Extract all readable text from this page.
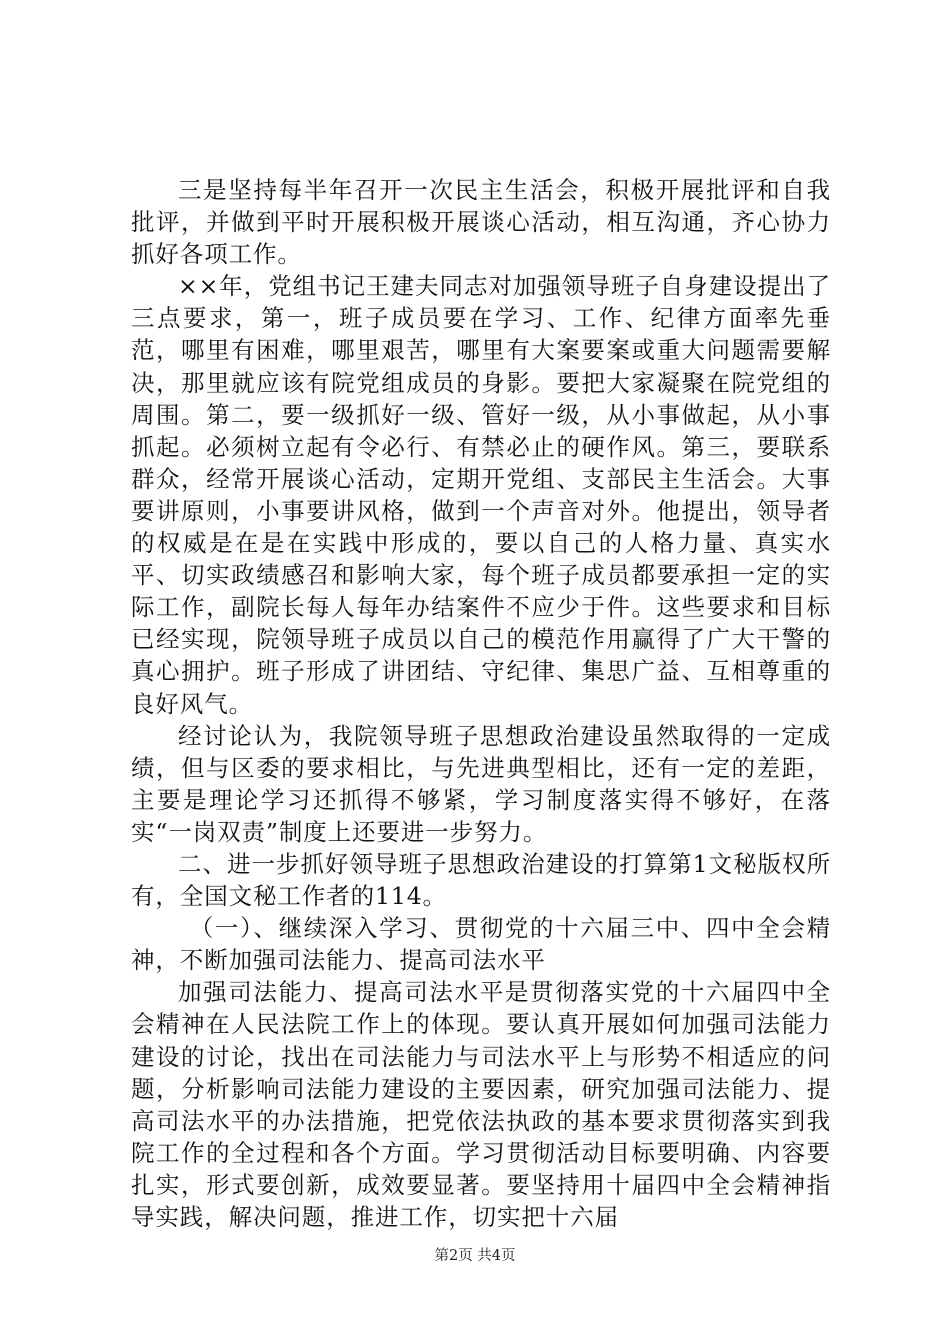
三是坚持每半年召开一次民主生活会，积极开展批评和自我批评，并做到平时开展积极开展谈心活动，相互沟通，齐心协力抓好各项工作。

××年，党组书记王建夫同志对加强领导班子自身建设提出了三点要求，第一，班子成员要在学习、工作、纪律方面率先垂范，哪里有困难，哪里艰苦，哪里有大案要案或重大问题需要解决，那里就应该有院党组成员的身影。要把大家凝聚在院党组的周围。第二，要一级抓好一级、管好一级，从小事做起，从小事抓起。必须树立起有令必行、有禁必止的硬作风。第三，要联系群众，经常开展谈心活动，定期开党组、支部民主生活会。大事要讲原则，小事要讲风格，做到一个声音对外。他提出，领导者的权威是在是在实践中形成的，要以自己的人格力量、真实水平、切实政绩感召和影响大家，每个班子成员都要承担一定的实际工作，副院长每人每年办结案件不应少于件。这些要求和目标已经实现，院领导班子成员以自己的模范作用赢得了广大干警的真心拥护。班子形成了讲团结、守纪律、集思广益、互相尊重的良好风气。

经讨论认为，我院领导班子思想政治建设虽然取得的一定成绩，但与区委的要求相比，与先进典型相比，还有一定的差距，主要是理论学习还抓得不够紧，学习制度落实得不够好，在落实“一岗双责”制度上还要进一步努力。

二、进一步抓好领导班子思想政治建设的打算第1文秘版权所有，全国文秘工作者的114。

（一）、继续深入学习、贯彻党的十六届三中、四中全会精神，不断加强司法能力、提高司法水平

加强司法能力、提高司法水平是贯彻落实党的十六届四中全会精神在人民法院工作上的体现。要认真开展如何加强司法能力建设的讨论，找出在司法能力与司法水平上与形势不相适应的问题，分析影响司法能力建设的主要因素，研究加强司法能力、提高司法水平的办法措施，把党依法执政的基本要求贯彻落实到我院工作的全过程和各个方面。学习贯彻活动目标要明确、内容要扎实，形式要创新，成效要显著。要坚持用十届四中全会精神指导实践，解决问题，推进工作，切实把十六届

第2页 共4页
